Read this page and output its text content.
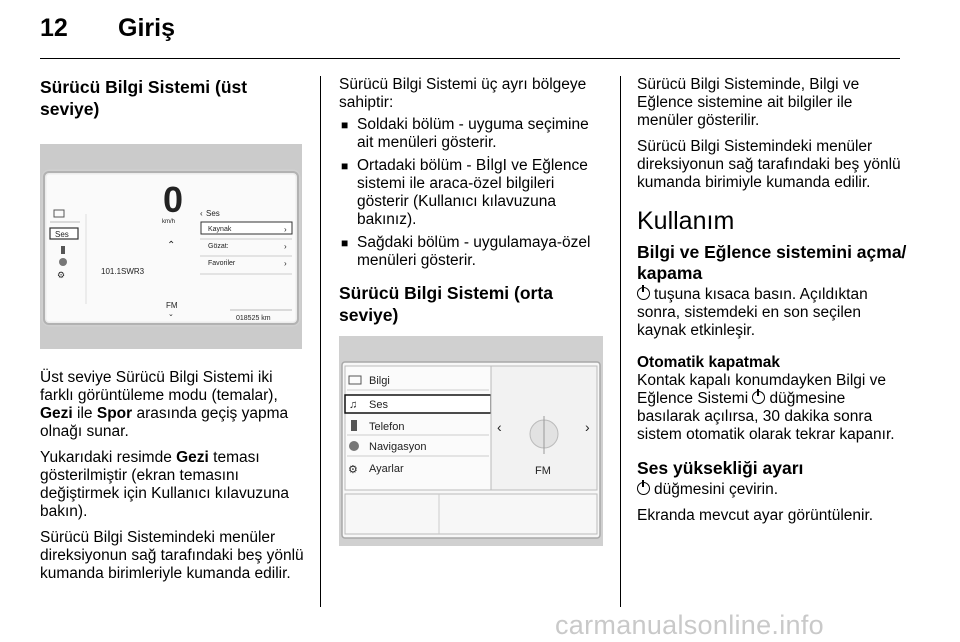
12 Giriş
Sürücü Bilgi Sistemi (üst seviye)
Ses
⚙
0
km/h
⌃
101.1SWR3
FM
⌄
‹ Ses
Kaynak	›
Gözat:	›
Favoriler	›
018525 km

Üst seviye Sürücü Bilgi Sistemi iki farklı görüntüleme modu (temalar), Gezi ile Spor arasında geçiş yapma olnağı sunar.

Yukarıdaki resimde Gezi teması gösterilmiştir (ekran temasını değiştirmek için Kullanıcı kılavuzuna bakın).

Sürücü Bilgi Sistemindeki menüler direksiyonun sağ tarafındaki beş yönlü kumanda birimleriyle kumanda edilir.

Sürücü Bilgi Sistemi üç ayrı bölgeye sahiptir:

■ Soldaki bölüm - uyguma seçimine ait menüleri gösterir.
■ Ortadaki bölüm - BİlgI ve Eğlence sistemi ile araca-özel bilgileri gösterir (Kullanıcı kılavuzuna bakınız).
■ Sağdaki bölüm - uygulamaya-özel menüleri gösterir.
Sürücü Bilgi Sistemi (orta seviye)
Bilgi
♫ Ses
Telefon
Navigasyon
⚙ Ayarlar
‹	›
FM

Sürücü Bilgi Sisteminde, Bilgi ve Eğlence sistemine ait bilgiler ile menüler gösterilir.

Sürücü Bilgi Sistemindeki menüler direksiyonun sağ tarafındaki beş yönlü kumanda birimiyle kumanda edilir.

Kullanım
Bilgi ve Eğlence sistemini açma/ kapama

tuşuna kısaca basın. Açıldıktan sonra, sistemdeki en son seçilen kaynak etkinleşir.

Otomatik kapatmak

Kontak kapalı konumdayken Bilgi ve Eğlence Sistemi düğmesine basılarak açılırsa, 30 dakika sonra sistem otomatik olarak tekrar kapanır.

Ses yüksekliği ayarı

düğmesini çevirin.

Ekranda mevcut ayar görüntülenir.

carmanualsonline.info
